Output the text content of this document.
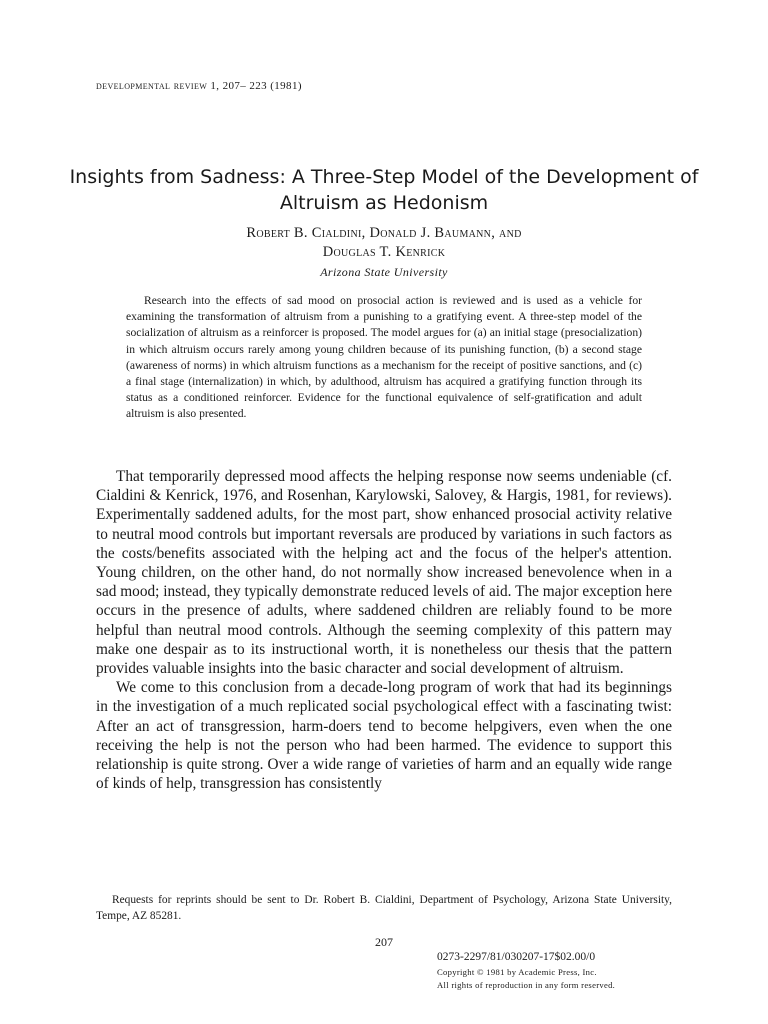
developmental review 1, 207– 223 (1981)
Insights from Sadness: A Three-Step Model of the Development of Altruism as Hedonism
Robert B. Cialdini, Donald J. Baumann, and
Douglas T. Kenrick
Arizona State University

Research into the effects of sad mood on prosocial action is reviewed and is used as a vehicle for examining the transformation of altruism from a punishing to a gratifying event. A three-step model of the socialization of altruism as a reinforcer is proposed. The model argues for (a) an initial stage (presocialization) in which altruism occurs rarely among young children because of its punishing function, (b) a second stage (awareness of norms) in which altruism functions as a mechanism for the receipt of positive sanctions, and (c) a final stage (internalization) in which, by adulthood, altruism has acquired a gratifying function through its status as a conditioned reinforcer. Evidence for the functional equivalence of self-gratification and adult altruism is also presented.

That temporarily depressed mood affects the helping response now seems undeniable (cf. Cialdini & Kenrick, 1976, and Rosenhan, Karylowski, Salovey, & Hargis, 1981, for reviews). Experimentally saddened adults, for the most part, show enhanced prosocial activity relative to neutral mood controls but important reversals are produced by variations in such factors as the costs/benefits associated with the helping act and the focus of the helper's attention. Young children, on the other hand, do not normally show increased benevolence when in a sad mood; instead, they typically demonstrate reduced levels of aid. The major exception here occurs in the presence of adults, where saddened children are reliably found to be more helpful than neutral mood controls. Although the seeming complexity of this pattern may make one despair as to its instructional worth, it is nonetheless our thesis that the pattern provides valuable insights into the basic character and social development of altruism.

We come to this conclusion from a decade-long program of work that had its beginnings in the investigation of a much replicated social psychological effect with a fascinating twist: After an act of transgression, harm-doers tend to become helpgivers, even when the one receiving the help is not the person who had been harmed. The evidence to support this relationship is quite strong. Over a wide range of varieties of harm and an equally wide range of kinds of help, transgression has consistently

Requests for reprints should be sent to Dr. Robert B. Cialdini, Department of Psychology, Arizona State University, Tempe, AZ 85281.

207
0273-2297/81/030207-17$02.00/0
Copyright © 1981 by Academic Press, Inc.
All rights of reproduction in any form reserved.
